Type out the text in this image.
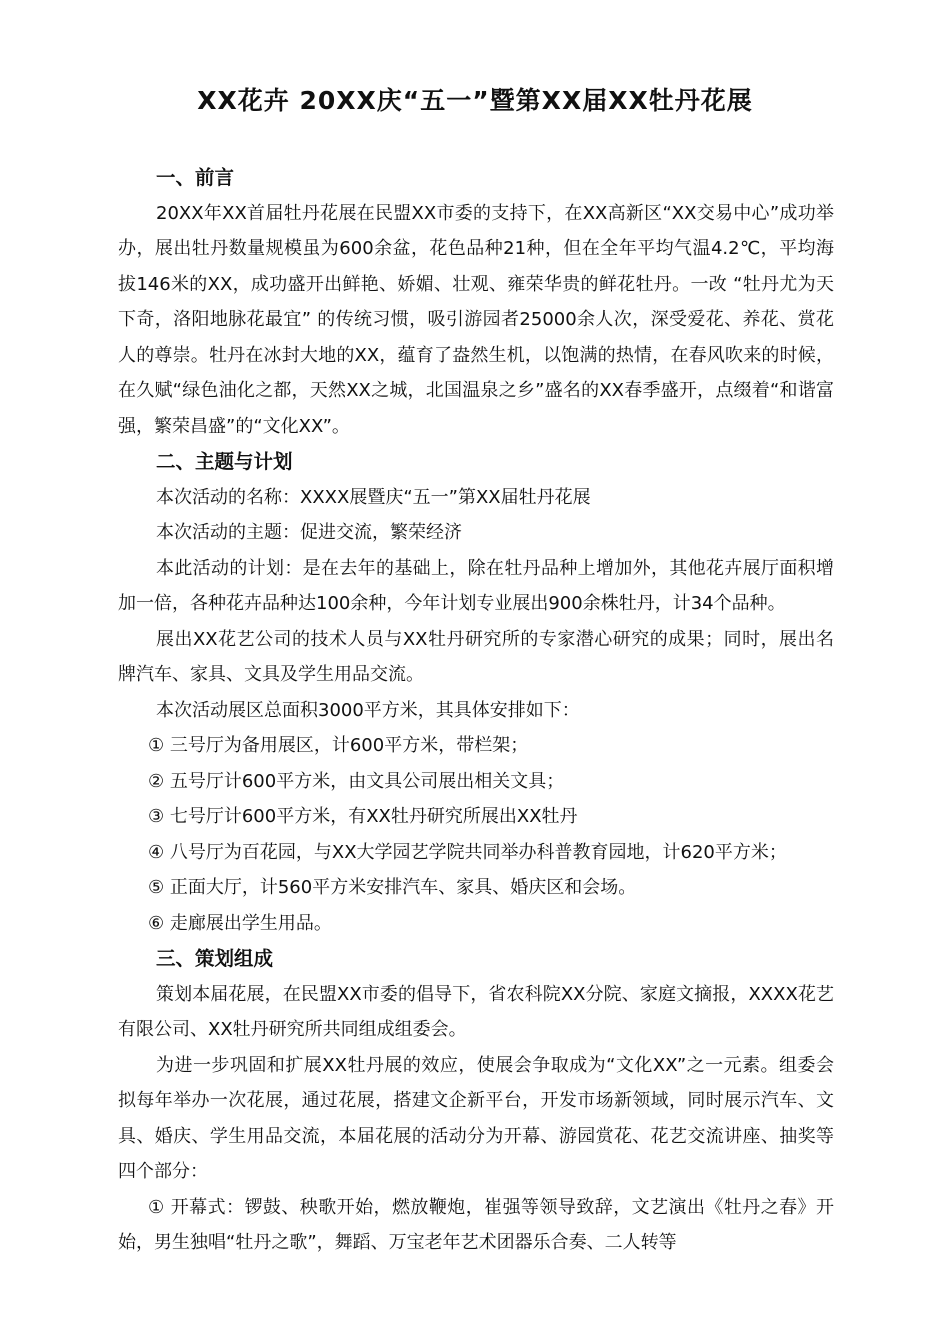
XX花卉 20XX庆“五一”暨第XX届XX牡丹花展

一、前言

20XX年XX首届牡丹花展在民盟XX市委的支持下，在XX高新区“XX交易中心”成功举办，展出牡丹数量规模虽为600余盆，花色品种21种，但在全年平均气温4.2℃，平均海拔146米的XX，成功盛开出鲜艳、娇媚、壮观、雍荣华贵的鲜花牡丹。一改 “牡丹尤为天下奇，洛阳地脉花最宜” 的传统习惯，吸引游园者25000余人次，深受爱花、养花、赏花人的尊崇。牡丹在冰封大地的XX，蕴育了盎然生机，以饱满的热情，在春风吹来的时候，在久赋“绿色油化之都，天然XX之城，北国温泉之乡”盛名的XX春季盛开，点缀着“和谐富强，繁荣昌盛”的“文化XX”。

二、主题与计划

本次活动的名称：XXXX展暨庆“五一”第XX届牡丹花展

本次活动的主题：促进交流，繁荣经济

本此活动的计划：是在去年的基础上，除在牡丹品种上增加外，其他花卉展厅面积增加一倍，各种花卉品种达100余种，今年计划专业展出900余株牡丹，计34个品种。

展出XX花艺公司的技术人员与XX牡丹研究所的专家潜心研究的成果；同时，展出名牌汽车、家具、文具及学生用品交流。

本次活动展区总面积3000平方米，其具体安排如下：

① 三号厅为备用展区，计600平方米，带栏架；

② 五号厅计600平方米，由文具公司展出相关文具；

③ 七号厅计600平方米，有XX牡丹研究所展出XX牡丹

④ 八号厅为百花园，与XX大学园艺学院共同举办科普教育园地，计620平方米；

⑤ 正面大厅，计560平方米安排汽车、家具、婚庆区和会场。

⑥ 走廊展出学生用品。

三、策划组成

策划本届花展，在民盟XX市委的倡导下，省农科院XX分院、家庭文摘报，XXXX花艺有限公司、XX牡丹研究所共同组成组委会。

为进一步巩固和扩展XX牡丹展的效应，使展会争取成为“文化XX”之一元素。组委会拟每年举办一次花展，通过花展，搭建文企新平台，开发市场新领域，同时展示汽车、文具、婚庆、学生用品交流，本届花展的活动分为开幕、游园赏花、花艺交流讲座、抽奖等四个部分：

① 开幕式：锣鼓、秧歌开始，燃放鞭炮，崔强等领导致辞，文艺演出《牡丹之春》开始，男生独唱“牡丹之歌”，舞蹈、万宝老年艺术团器乐合奏、二人转等
